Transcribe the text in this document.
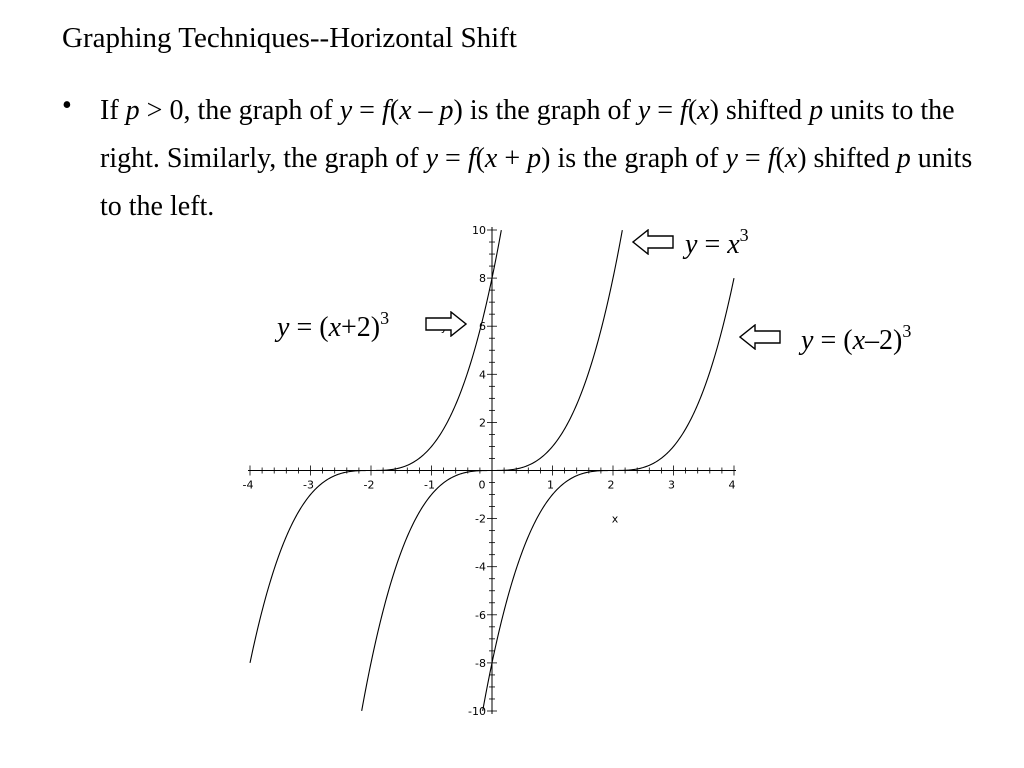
Graphing Techniques--Horizontal Shift
• If p > 0, the graph of y = f(x – p) is the graph of y = f(x) shifted p units to the right. Similarly, the graph of y = f(x + p) is the graph of y = f(x) shifted p units to the left.
-4	-3	-2	-1	0	1	2	3	4
-10
-8
-6
-4
-2
2
4
6
8
10
x
$y = (x+2)^3$
$y = x^3$
$y = (x-2)^3$
